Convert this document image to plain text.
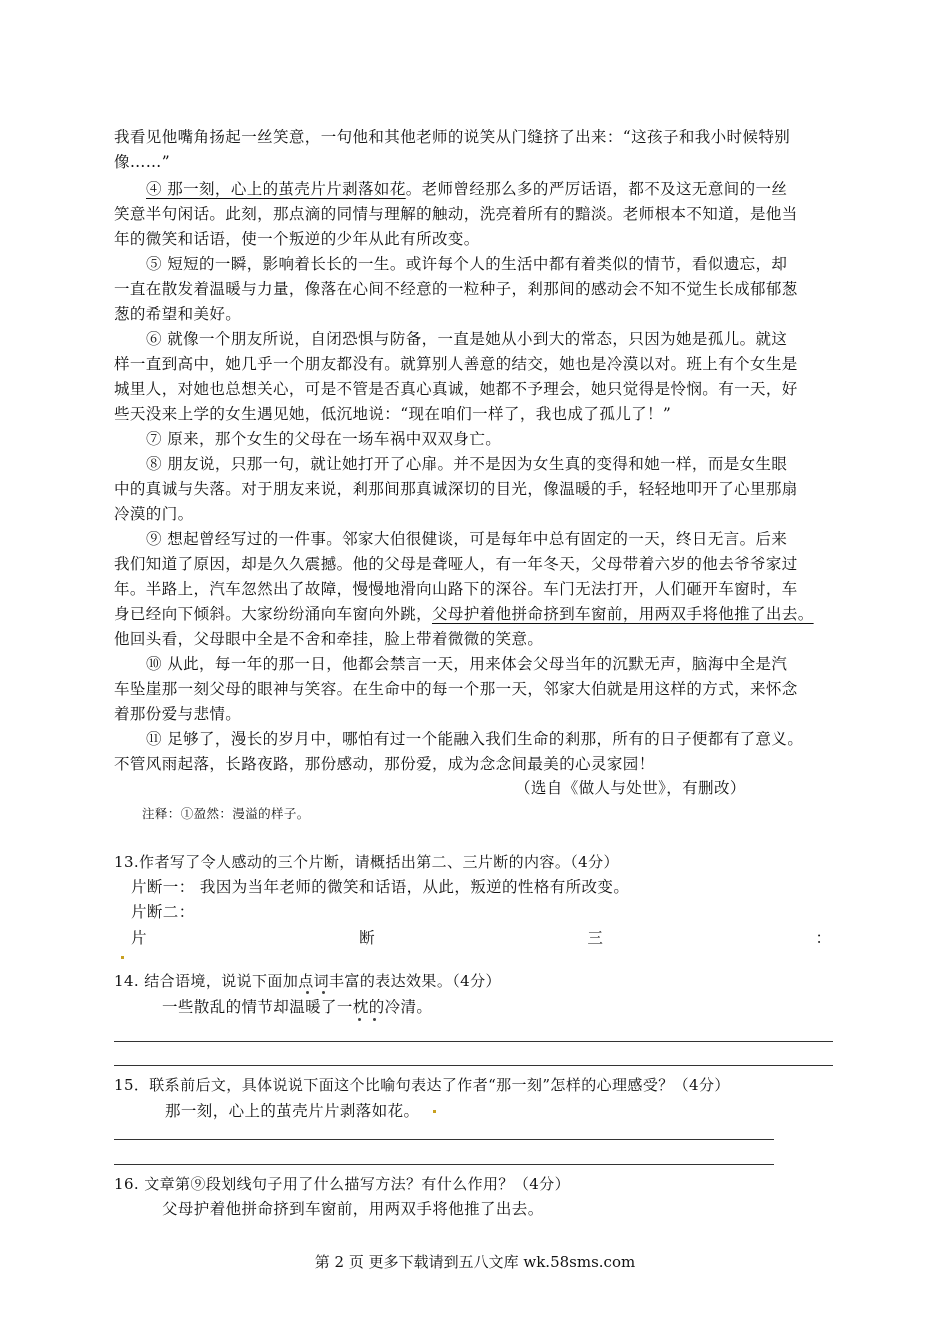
我看见他嘴角扬起一丝笑意，一句他和其他老师的说笑从门缝挤了出来：“这孩子和我小时候特别
像……”
④ 那一刻，心上的茧壳片片剥落如花。老师曾经那么多的严厉话语，都不及这无意间的一丝
笑意半句闲话。此刻，那点滴的同情与理解的触动，洗亮着所有的黯淡。老师根本不知道，是他当
年的微笑和话语，使一个叛逆的少年从此有所改变。
⑤ 短短的一瞬，影响着长长的一生。或许每个人的生活中都有着类似的情节，看似遗忘，却
一直在散发着温暖与力量，像落在心间不经意的一粒种子，剎那间的感动会不知不觉生长成郁郁葱
葱的希望和美好。
⑥ 就像一个朋友所说，自闭恐惧与防备，一直是她从小到大的常态，只因为她是孤儿。就这
样一直到高中，她几乎一个朋友都没有。就算别人善意的结交，她也是冷漠以对。班上有个女生是
城里人，对她也总想关心，可是不管是否真心真诚，她都不予理会，她只觉得是怜悯。有一天，好
些天没来上学的女生遇见她，低沉地说：“现在咱们一样了，我也成了孤儿了！”
⑦ 原来，那个女生的父母在一场车祸中双双身亡。
⑧ 朋友说，只那一句，就让她打开了心扉。并不是因为女生真的变得和她一样，而是女生眼
中的真诚与失落。对于朋友来说，剎那间那真诚深切的目光，像温暖的手，轻轻地叩开了心里那扇
冷漠的门。
⑨ 想起曾经写过的一件事。邻家大伯很健谈，可是每年中总有固定的一天，终日无言。后来
我们知道了原因，却是久久震撼。他的父母是聋哑人，有一年冬天，父母带着六岁的他去爷爷家过
年。半路上，汽车忽然出了故障，慢慢地滑向山路下的深谷。车门无法打开，人们砸开车窗时，车
身已经向下倾斜。大家纷纷涌向车窗向外跳，父母护着他拼命挤到车窗前，用两双手将他推了出去。
他回头看，父母眼中全是不舍和牵挂，脸上带着微微的笑意。
⑩ 从此，每一年的那一日，他都会禁言一天，用来体会父母当年的沉默无声，脑海中全是汽
车坠崖那一刻父母的眼神与笑容。在生命中的每一个那一天，邻家大伯就是用这样的方式，来怀念
着那份爱与悲情。
⑪ 足够了，漫长的岁月中，哪怕有过一个能融入我们生命的剎那，所有的日子便都有了意义。
不管风雨起落，长路夜路，那份感动，那份爱，成为念念间最美的心灵家园！
（选自《做人与处世》，有删改）
注释：①盈然：漫溢的样子。
13.作者写了令人感动的三个片断，请概括出第二、三片断的内容。（4分）
片断一： 我因为当年老师的微笑和话语，从此，叛逆的性格有所改变。
片断二：
片	断	三	：
14. 结合语境，说说下面加点词丰富的表达效果。（4分）
一些散乱的情节却温暖了一枕的冷清。
15．联系前后文，具体说说下面这个比喻句表达了作者“那一刻”怎样的心理感受？（4分）
那一刻，心上的茧壳片片剥落如花。
16. 文章第⑨段划线句子用了什么描写方法？有什么作用？（4分）
父母护着他拼命挤到车窗前，用两双手将他推了出去。
第 2 页 更多下载请到五八文库 wk.58sms.com
